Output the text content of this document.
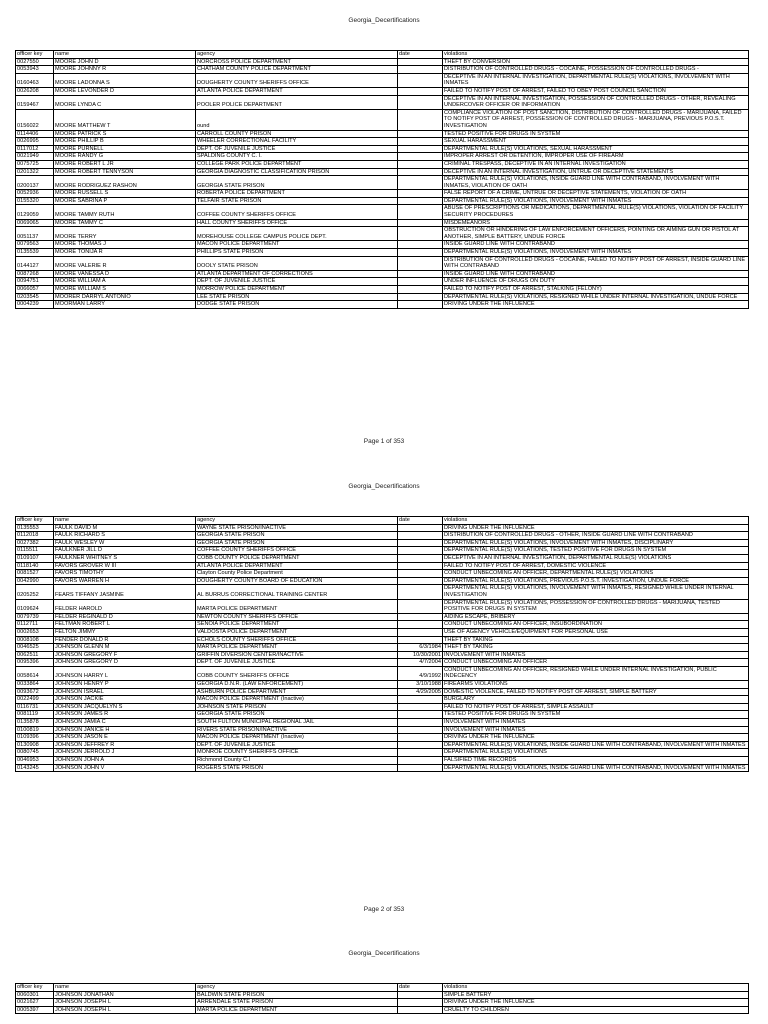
Georgia_Decertifications
officer key	name	agency	date	violations
0027550	MOORE JOHN D	NORCROSS POLICE DEPARTMENT		THEFT BY CONVERSION
0053943	MOORE JOHNNY R	CHATHAM COUNTY POLICE DEPARTMENT		DISTRIBUTION OF CONTROLLED DRUGS - COCAINE, POSSESSION OF CONTROLLED DRUGS -
0160463	MOORE LADONNA S	DOUGHERTY COUNTY SHERIFFS OFFICE		DECEPTIVE IN AN INTERNAL INVESTIGATION, DEPARTMENTAL RULE(S) VIOLATIONS, INVOLVEMENT WITH INMATES
0026208	MOORE LEVONDER D	ATLANTA POLICE DEPARTMENT		FAILED TO NOTIFY POST OF ARREST, FAILED TO OBEY POST COUNCIL SANCTION
0159467	MOORE LYNDA C	POOLER POLICE DEPARTMENT		DECEPTIVE IN AN INTERNAL INVESTIGATION, POSSESSION OF CONTROLLED DRUGS - OTHER, REVEALING UNDERCOVER OFFICER OR INFORMATION
0156022	MOORE MATTHEW T	ound		COMPLIANCE VIOLATION OF POST SANCTION, DISTRIBUTION OF CONTROLLED DRUGS - MARIJUANA, FAILED TO NOTIFY POST OF ARREST, POSSESSION OF CONTROLLED DRUGS - MARIJUANA, PREVIOUS P.O.S.T. INVESTIGATION
0114406	MOORE PATRICK S	CARROLL COUNTY PRISON		TESTED POSITIVE FOR DRUGS IN SYSTEM
0026995	MOORE PHILLIP B	WHEELER CORRECTIONAL FACILITY		SEXUAL HARASSMENT
0117012	MOORE PURNELL	DEPT. OF JUVENILE JUSTICE		DEPARTMENTAL RULE(S) VIOLATIONS, SEXUAL HARASSMENT
0021949	MOORE RANDY G	SPALDING COUNTY C. I.		IMPROPER ARREST OR DETENTION, IMPROPER USE OF FIREARM
0075725	MOORE ROBERT L JR	COLLEGE PARK POLICE DEPARTMENT		CRIMINAL TRESPASS, DECEPTIVE IN AN INTERNAL INVESTIGATION
0201322	MOORE ROBERT TENNYSON	GEORGIA DIAGNOSTIC CLASSIFICATION PRISON		DECEPTIVE IN AN INTERNAL INVESTIGATION, UNTRUE OR DECEPTIVE STATEMENTS
0200137	MOORE RODRIGUEZ RASHON	GEORGIA STATE PRISON		DEPARTMENTAL RULE(S) VIOLATIONS, INSIDE GUARD LINE WITH CONTRABAND, INVOLVEMENT WITH INMATES, VIOLATION OF OATH
0052936	MOORE RUSSELL S	ROBERTA POLICE DEPARTMENT		FALSE REPORT OF A CRIME, UNTRUE OR DECEPTIVE STATEMENTS, VIOLATION OF OATH
0155320	MOORE SABRINA P	TELFAIR STATE PRISON		DEPARTMENTAL RULE(S) VIOLATIONS, INVOLVEMENT WITH INMATES
0129059	MOORE TAMMY RUTH	COFFEE COUNTY SHERIFFS OFFICE		ABUSE OF PRESCRIPTIONS OR MEDICATIONS, DEPARTMENTAL RULE(S) VIOLATIONS, VIOLATION OF FACILITY SECURITY PROCEDURES
0069065	MOORE TAMMY C	HALL COUNTY SHERIFFS OFFICE		MISDEMEANORS
0051137	MOORE TERRY	MOREHOUSE COLLEGE CAMPUS POLICE DEPT.		OBSTRUCTION OR HINDERING OF LAW ENFORCEMENT OFFICERS, POINTING OR AIMING GUN OR PISTOL AT ANOTHER, SIMPLE BATTERY, UNDUE FORCE
0079563	MOORE THOMAS J	MACON POLICE DEPARTMENT		INSIDE GUARD LINE WITH CONTRABAND
0135539	MOORE TONIJA R	PHILLIPS STATE PRISON		DEPARTMENTAL RULE(S) VIOLATIONS, INVOLVEMENT WITH INMATES
0144127	MOORE VALERIE R	DOOLY STATE PRISON		DISTRIBUTION OF CONTROLLED DRUGS - COCAINE, FAILED TO NOTIFY POST OF ARREST, INSIDE GUARD LINE WITH CONTRABAND
0087268	MOORE VANESSA D	ATLANTA DEPARTMENT OF CORRECTIONS		INSIDE GUARD LINE WITH CONTRABAND
0094751	MOORE WILLIAM A	DEPT. OF JUVENILE JUSTICE		UNDER INFLUENCE OF DRUGS ON DUTY
0066057	MOORE WILLIAM S	MORROW POLICE DEPARTMENT		FAILED TO NOTIFY POST OF ARREST, STALKING (FELONY)
0203545	MOORER DARRYL ANTONIO	LEE STATE PRISON		DEPARTMENTAL RULE(S) VIOLATIONS, RESIGNED WHILE UNDER INTERNAL INVESTIGATION, UNDUE FORCE
0004239	MOORMAN LARRY	DODGE STATE PRISON		DRIVING UNDER THE INFLUENCE
Page 1 of 353
Georgia_Decertifications
officer key	name	agency	date	violations
0135553	FAULK DAVID M	WAYNE STATE PRISON/INACTIVE		DRIVING UNDER THE INFLUENCE
0112018	FAULK RICHARD S	GEORGIA STATE PRISON		DISTRIBUTION OF CONTROLLED DRUGS - OTHER, INSIDE GUARD LINE WITH CONTRABAND
0027382	FAULK WESLEY W	GEORGIA STATE PRISON		DEPARTMENTAL RULE(S) VIOLATIONS, INVOLVEMENT WITH INMATES, DISCIPLINARY
0115511	FAULKNER JILL D	COFFEE COUNTY SHERIFFS OFFICE		DEPARTMENTAL RULE(S) VIOLATIONS, TESTED POSITIVE FOR DRUGS IN SYSTEM
0109107	FAULKNER WHITNEY S	COBB COUNTY POLICE DEPARTMENT		DECEPTIVE IN AN INTERNAL INVESTIGATION, DEPARTMENTAL RULE(S) VIOLATIONS
0118140	FAVORS GROVER W III	ATLANTA POLICE DEPARTMENT		FAILED TO NOTIFY POST OF ARREST, DOMESTIC VIOLENCE
0081527	FAVORS TIMOTHY	Clayton County Police Department		CONDUCT UNBECOMING AN OFFICER, DEPARTMENTAL RULE(S) VIOLATIONS
0042990	FAVORS WARREN H	DOUGHERTY COUNTY BOARD OF EDUCATION		DEPARTMENTAL RULE(S) VIOLATIONS, PREVIOUS P.O.S.T. INVESTIGATION, UNDUE FORCE
0205252	FEARS TIFFANY JASMINE	AL BURRUS CORRECTIONAL TRAINING CENTER		DEPARTMENTAL RULE(S) VIOLATIONS, INVOLVEMENT WITH INMATES, RESIGNED WHILE UNDER INTERNAL INVESTIGATION
0109624	FELDER HAROLD	MARTA POLICE DEPARTMENT		DEPARTMENTAL RULE(S) VIOLATIONS, POSSESSION OF CONTROLLED DRUGS - MARIJUANA, TESTED POSITIVE FOR DRUGS IN SYSTEM
0079739	FELDER REGINALD D	NEWTON COUNTY SHERIFFS OFFICE		AIDING ESCAPE, BRIBERY
0112711	FELTMAN ROBERT L	SENOIA POLICE DEPARTMENT		CONDUCT UNBECOMING AN OFFICER, INSUBORDINATION
0002653	FELTON JIMMY	VALDOSTA POLICE DEPARTMENT		USE OF AGENCY VEHICLE/EQUIPMENT FOR PERSONAL USE
0008108	FENDER DONALD R	ECHOLS COUNTY SHERIFFS OFFICE		THEFT BY TAKING
0046525	JOHNSON GLENN M	MARTA POLICE DEPARTMENT	6/3/1984	THEFT BY TAKING
0062511	JOHNSON GREGORY F	GRIFFIN DIVERSION CENTER/INACTIVE	10/30/2001	INVOLVEMENT WITH INMATES
0095396	JOHNSON GREGORY D	DEPT. OF JUVENILE JUSTICE	4/7/2004	CONDUCT UNBECOMING AN OFFICER
0058614	JOHNSON HARRY L	COBB COUNTY SHERIFFS OFFICE	4/9/1992	CONDUCT UNBECOMING AN OFFICER, RESIGNED WHILE UNDER INTERNAL INVESTIGATION, PUBLIC INDECENCY
0033864	JOHNSON HENRY P	GEORGIA D.N.R. (LAW ENFORCEMENT)	3/10/1988	FIREARMS VIOLATIONS
0093672	JOHNSON ISRAEL	ASHBURN POLICE DEPARTMENT	4/29/2005	DOMESTIC VIOLENCE, FAILED TO NOTIFY POST OF ARREST, SIMPLE BATTERY
0022499	JOHNSON JACKIE	MACON POLICE DEPARTMENT (Inactive)		BURGLARY
0116731	JOHNSON JACQUELYN S	JOHNSON STATE PRISON		FAILED TO NOTIFY POST OF ARREST, SIMPLE ASSAULT
0081119	JOHNSON JAMES R	GEORGIA STATE PRISON		TESTED POSITIVE FOR DRUGS IN SYSTEM
0135878	JOHNSON JAMIA C	SOUTH FULTON MUNICIPAL REGIONAL JAIL		INVOLVEMENT WITH INMATES
0100819	JOHNSON JANICE H	RIVERS STATE PRISON/INACTIVE		INVOLVEMENT WITH INMATES
0109396	JOHNSON JASON E	MACON POLICE DEPARTMENT (Inactive)		DRIVING UNDER THE INFLUENCE
0130908	JOHNSON JEFFREY R	DEPT. OF JUVENILE JUSTICE		DEPARTMENTAL RULE(S) VIOLATIONS, INSIDE GUARD LINE WITH CONTRABAND, INVOLVEMENT WITH INMATES
0080745	JOHNSON JERROLD J	MONROE COUNTY SHERIFFS OFFICE		DEPARTMENTAL RULE(S) VIOLATIONS
0046953	JOHNSON JOHN A	Richmond County C.I		FALSIFIED TIME RECORDS
0143245	JOHNSON JOHN V	ROGERS STATE PRISON		DEPARTMENTAL RULE(S) VIOLATIONS, INSIDE GUARD LINE WITH CONTRABAND, INVOLVEMENT WITH INMATES
Page 2 of 353
Georgia_Decertifications
officer key	name	agency	date	violations
0060301	JOHNSON JONATHAN	BALDWIN STATE PRISON		SIMPLE BATTERY
0021627	JOHNSON JOSEPH L	ARRENDALE STATE PRISON		DRIVING UNDER THE INFLUENCE
0005397	JOHNSON JOSEPH L	MARTA POLICE DEPARTMENT		CRUELTY TO CHILDREN
